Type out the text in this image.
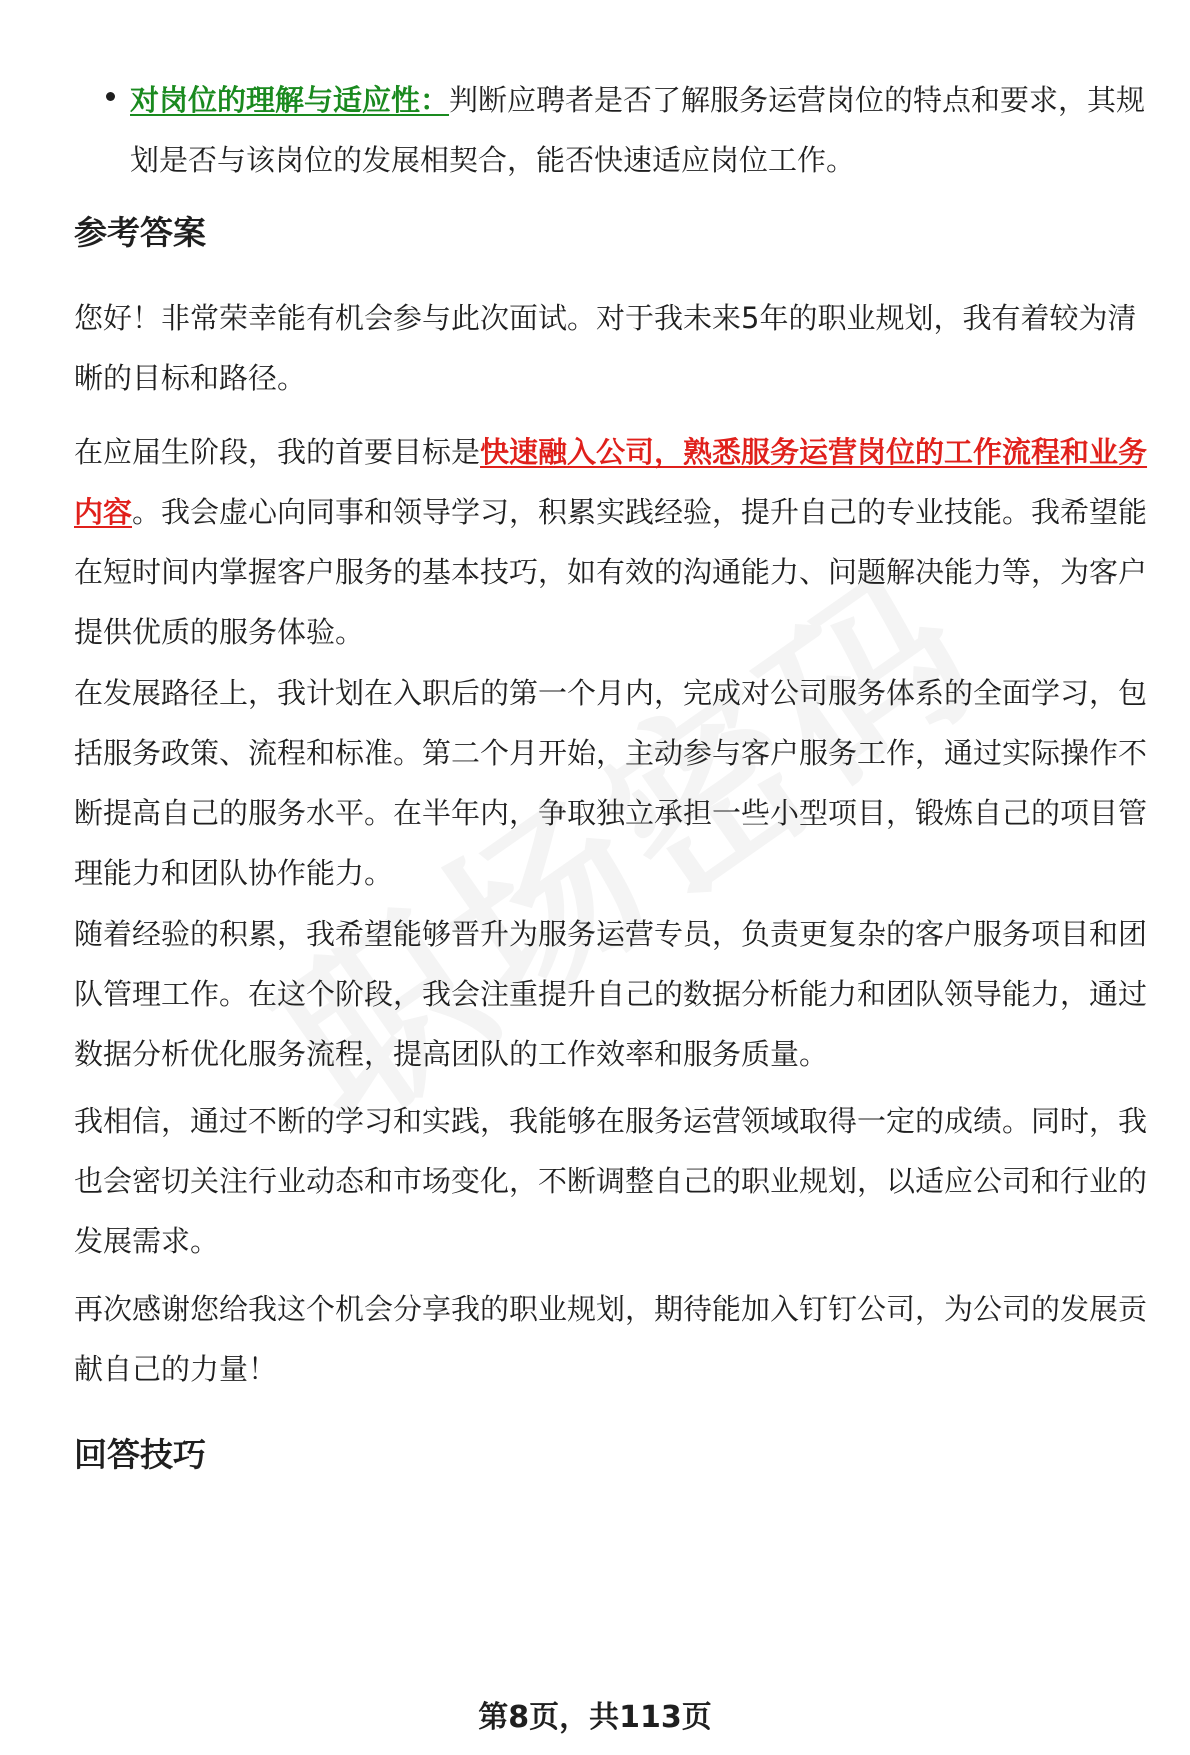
对岗位的理解与适应性：判断应聘者是否了解服务运营岗位的特点和要求，其规划是否与该岗位的发展相契合，能否快速适应岗位工作。
参考答案

您好！非常荣幸能有机会参与此次面试。对于我未来5年的职业规划，我有着较为清晰的目标和路径。

在应届生阶段，我的首要目标是快速融入公司，熟悉服务运营岗位的工作流程和业务内容。我会虚心向同事和领导学习，积累实践经验，提升自己的专业技能。我希望能在短时间内掌握客户服务的基本技巧，如有效的沟通能力、问题解决能力等，为客户提供优质的服务体验。

在发展路径上，我计划在入职后的第一个月内，完成对公司服务体系的全面学习，包括服务政策、流程和标准。第二个月开始，主动参与客户服务工作，通过实际操作不断提高自己的服务水平。在半年内，争取独立承担一些小型项目，锻炼自己的项目管理能力和团队协作能力。

随着经验的积累，我希望能够晋升为服务运营专员，负责更复杂的客户服务项目和团队管理工作。在这个阶段，我会注重提升自己的数据分析能力和团队领导能力，通过数据分析优化服务流程，提高团队的工作效率和服务质量。

我相信，通过不断的学习和实践，我能够在服务运营领域取得一定的成绩。同时，我也会密切关注行业动态和市场变化，不断调整自己的职业规划，以适应公司和行业的发展需求。

再次感谢您给我这个机会分享我的职业规划，期待能加入钉钉公司，为公司的发展贡献自己的力量！

回答技巧
第8页，共113页
